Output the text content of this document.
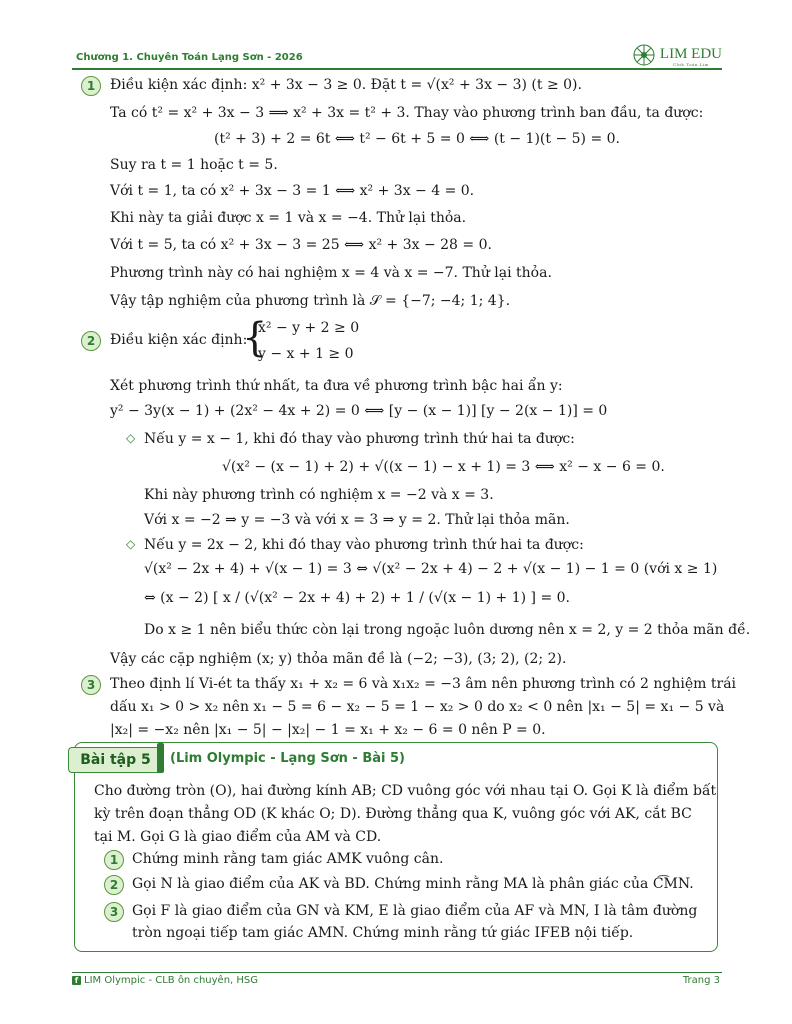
Chương 1. Chuyên Toán Lạng Sơn - 2026	LIM EDU
Club Toán Lim
1	Điều kiện xác định: x² + 3x − 3 ≥ 0. Đặt t = √(x² + 3x − 3) (t ≥ 0).
Ta có t² = x² + 3x − 3 ⟹ x² + 3x = t² + 3. Thay vào phương trình ban đầu, ta được:
(t² + 3) + 2 = 6t ⟺ t² − 6t + 5 = 0 ⟺ (t − 1)(t − 5) = 0.
Suy ra t = 1 hoặc t = 5.
Với t = 1, ta có x² + 3x − 3 = 1 ⟺ x² + 3x − 4 = 0.
Khi này ta giải được x = 1 và x = −4. Thử lại thỏa.
Với t = 5, ta có x² + 3x − 3 = 25 ⟺ x² + 3x − 28 = 0.
Phương trình này có hai nghiệm x = 4 và x = −7. Thử lại thỏa.
Vậy tập nghiệm của phương trình là 𝒮 = {−7; −4; 1; 4}.
2	Điều kiện xác định:
{
x² − y + 2 ≥ 0
y − x + 1 ≥ 0
Xét phương trình thứ nhất, ta đưa về phương trình bậc hai ẩn y:
y² − 3y(x − 1) + (2x² − 4x + 2) = 0 ⟺ [y − (x − 1)] [y − 2(x − 1)] = 0
◇ Nếu y = x − 1, khi đó thay vào phương trình thứ hai ta được:
√(x² − (x − 1) + 2) + √((x − 1) − x + 1) = 3 ⟺ x² − x − 6 = 0.
Khi này phương trình có nghiệm x = −2 và x = 3.
Với x = −2 ⇒ y = −3 và với x = 3 ⇒ y = 2. Thử lại thỏa mãn.
◇ Nếu y = 2x − 2, khi đó thay vào phương trình thứ hai ta được:
√(x² − 2x + 4) + √(x − 1) = 3 ⇔ √(x² − 2x + 4) − 2 + √(x − 1) − 1 = 0 (với x ≥ 1)
⇔ (x − 2) [ x / (√(x² − 2x + 4) + 2) + 1 / (√(x − 1) + 1) ] = 0.
Do x ≥ 1 nên biểu thức còn lại trong ngoặc luôn dương nên x = 2, y = 2 thỏa mãn đề.
Vậy các cặp nghiệm (x; y) thỏa mãn đề là (−2; −3), (3; 2), (2; 2).
3	Theo định lí Vi-ét ta thấy x₁ + x₂ = 6 và x₁x₂ = −3 âm nên phương trình có 2 nghiệm trái
dấu x₁ > 0 > x₂ nên x₁ − 5 = 6 − x₂ − 5 = 1 − x₂ > 0 do x₂ < 0 nên |x₁ − 5| = x₁ − 5 và
|x₂| = −x₂ nên |x₁ − 5| − |x₂| − 1 = x₁ + x₂ − 6 = 0 nên P = 0.
Bài tập 5	(Lim Olympic - Lạng Sơn - Bài 5)
Cho đường tròn (O), hai đường kính AB; CD vuông góc với nhau tại O. Gọi K là điểm bất
kỳ trên đoạn thẳng OD (K khác O; D). Đường thẳng qua K, vuông góc với AK, cắt BC
tại M. Gọi G là giao điểm của AM và CD.
1 Chứng minh rằng tam giác AMK vuông cân.
2 Gọi N là giao điểm của AK và BD. Chứng minh rằng MA là phân giác của C͡MN.
3 Gọi F là giao điểm của GN và KM, E là giao điểm của AF và MN, I là tâm đường
tròn ngoại tiếp tam giác AMN. Chứng minh rằng tứ giác IFEB nội tiếp.
f LIM Olympic - CLB ôn chuyên, HSG	Trang 3
